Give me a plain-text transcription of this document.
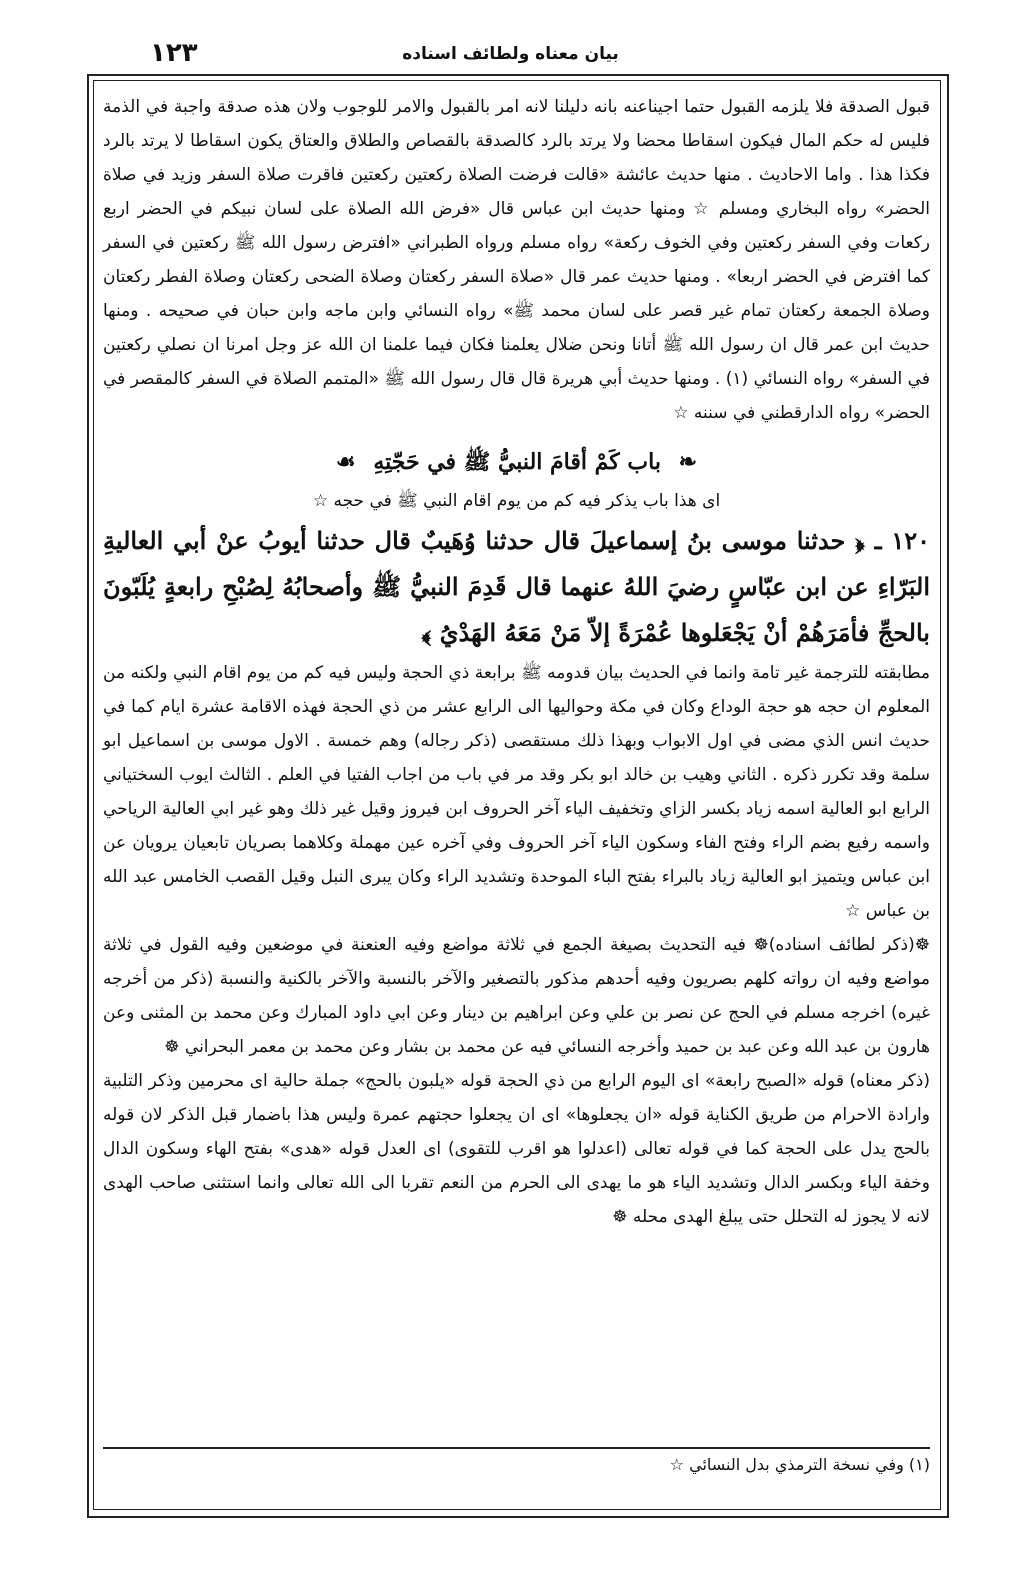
۱۲۳	بيان معناه ولطائف اسناده

قبول الصدقة فلا يلزمه القبول حتما اجيناعنه بانه دليلنا لانه امر بالقبول والامر للوجوب ولان هذه صدقة واجبة في الذمة فليس له حكم المال فيكون اسقاطا محضا ولا يرتد بالرد كالصدقة بالقصاص والطلاق والعتاق يكون اسقاطا لا يرتد بالرد فكذا هذا . واما الاحاديث . منها حديث عائشة «قالت فرضت الصلاة ركعتين ركعتين فاقرت صلاة السفر وزيد في صلاة الحضر» رواه البخاري ومسلم ☆ ومنها حديث ابن عباس قال «فرض الله الصلاة على لسان نبيكم في الحضر اربع ركعات وفي السفر ركعتين وفي الخوف ركعة» رواه مسلم ورواه الطبراني «افترض رسول الله ﷺ ركعتين في السفر كما افترض في الحضر اربعا» . ومنها حديث عمر قال «صلاة السفر ركعتان وصلاة الضحى ركعتان وصلاة الفطر ركعتان وصلاة الجمعة ركعتان تمام غير قصر على لسان محمد ﷺ» رواه النسائي وابن ماجه وابن حبان في صحيحه . ومنها حديث ابن عمر قال ان رسول الله ﷺ أتانا ونحن ضلال يعلمنا فكان فيما علمنا ان الله عز وجل امرنا ان نصلي ركعتين في السفر» رواه النسائي (١) . ومنها حديث أبي هريرة قال قال رسول الله ﷺ «المتمم الصلاة في السفر كالمقصر في الحضر» رواه الدارقطني في سننه ☆

❧ باب كَمْ أقامَ النبيُّ ﷺ في حَجّتِهِ ☙

اى هذا باب يذكر فيه كم من يوم اقام النبي ﷺ في حجه ☆

١٢٠ ـ ﴿ حدثنا موسى بنُ إسماعيلَ قال حدثنا وُهَيبٌ قال حدثنا أيوبُ عنْ أبي العاليةِ البَرّاءِ عن ابن عبّاسٍ رضيَ اللهُ عنهما قال قَدِمَ النبيُّ ﷺ وأصحابُهُ لِصُبْحِ رابعةٍ يُلَبّونَ بالحجِّ فأمَرَهُمْ أنْ يَجْعَلوها عُمْرَةً إلاّ مَنْ مَعَهُ الهَدْيُ ﴾

مطابقته للترجمة غير تامة وانما في الحديث بيان قدومه ﷺ برابعة ذي الحجة وليس فيه كم من يوم اقام النبي ولكنه من المعلوم ان حجه هو حجة الوداع وكان في مكة وحواليها الى الرابع عشر من ذي الحجة فهذه الاقامة عشرة ايام كما في حديث انس الذي مضى في اول الابواب وبهذا ذلك مستقصى (ذكر رجاله) وهم خمسة . الاول موسى بن اسماعيل ابو سلمة وقد تكرر ذكره . الثاني وهيب بن خالد ابو بكر وقد مر في باب من اجاب الفتيا في العلم . الثالث ايوب السختياني الرابع ابو العالية اسمه زياد بكسر الزاي وتخفيف الياء آخر الحروف ابن فيروز وقيل غير ذلك وهو غير ابي العالية الرياحي واسمه رفيع بضم الراء وفتح الفاء وسكون الياء آخر الحروف وفي آخره عين مهملة وكلاهما بصريان تابعيان يرويان عن ابن عباس ويتميز ابو العالية زياد بالبراء بفتح الباء الموحدة وتشديد الراء وكان يبرى النبل وقيل القصب الخامس عبد الله بن عباس ☆

☸(ذكر لطائف اسناده)☸ فيه التحديث بصيغة الجمع في ثلاثة مواضع وفيه العنعنة في موضعين وفيه القول في ثلاثة مواضع وفيه ان رواته كلهم بصريون وفيه أحدهم مذكور بالتصغير والآخر بالنسبة والآخر بالكنية والنسبة (ذكر من أخرجه غيره) اخرجه مسلم في الحج عن نصر بن علي وعن ابراهيم بن دينار وعن ابي داود المبارك وعن محمد بن المثنى وعن هارون بن عبد الله وعن عبد بن حميد وأخرجه النسائي فيه عن محمد بن بشار وعن محمد بن معمر البحراني ☸

(ذكر معناه) قوله «الصبح رابعة» اى اليوم الرابع من ذي الحجة قوله «يلبون بالحج» جملة حالية اى محرمين وذكر التلبية وارادة الاحرام من طريق الكناية قوله «ان يجعلوها» اى ان يجعلوا حجتهم عمرة وليس هذا باضمار قبل الذكر لان قوله بالحج يدل على الحجة كما في قوله تعالى (اعدلوا هو اقرب للتقوى) اى العدل قوله «هدى» بفتح الهاء وسكون الدال وخفة الياء وبكسر الدال وتشديد الياء هو ما يهدى الى الحرم من النعم تقربا الى الله تعالى وانما استثنى صاحب الهدى لانه لا يجوز له التحلل حتى يبلغ الهدى محله ☸

(١) وفي نسخة الترمذي بدل النسائي ☆
